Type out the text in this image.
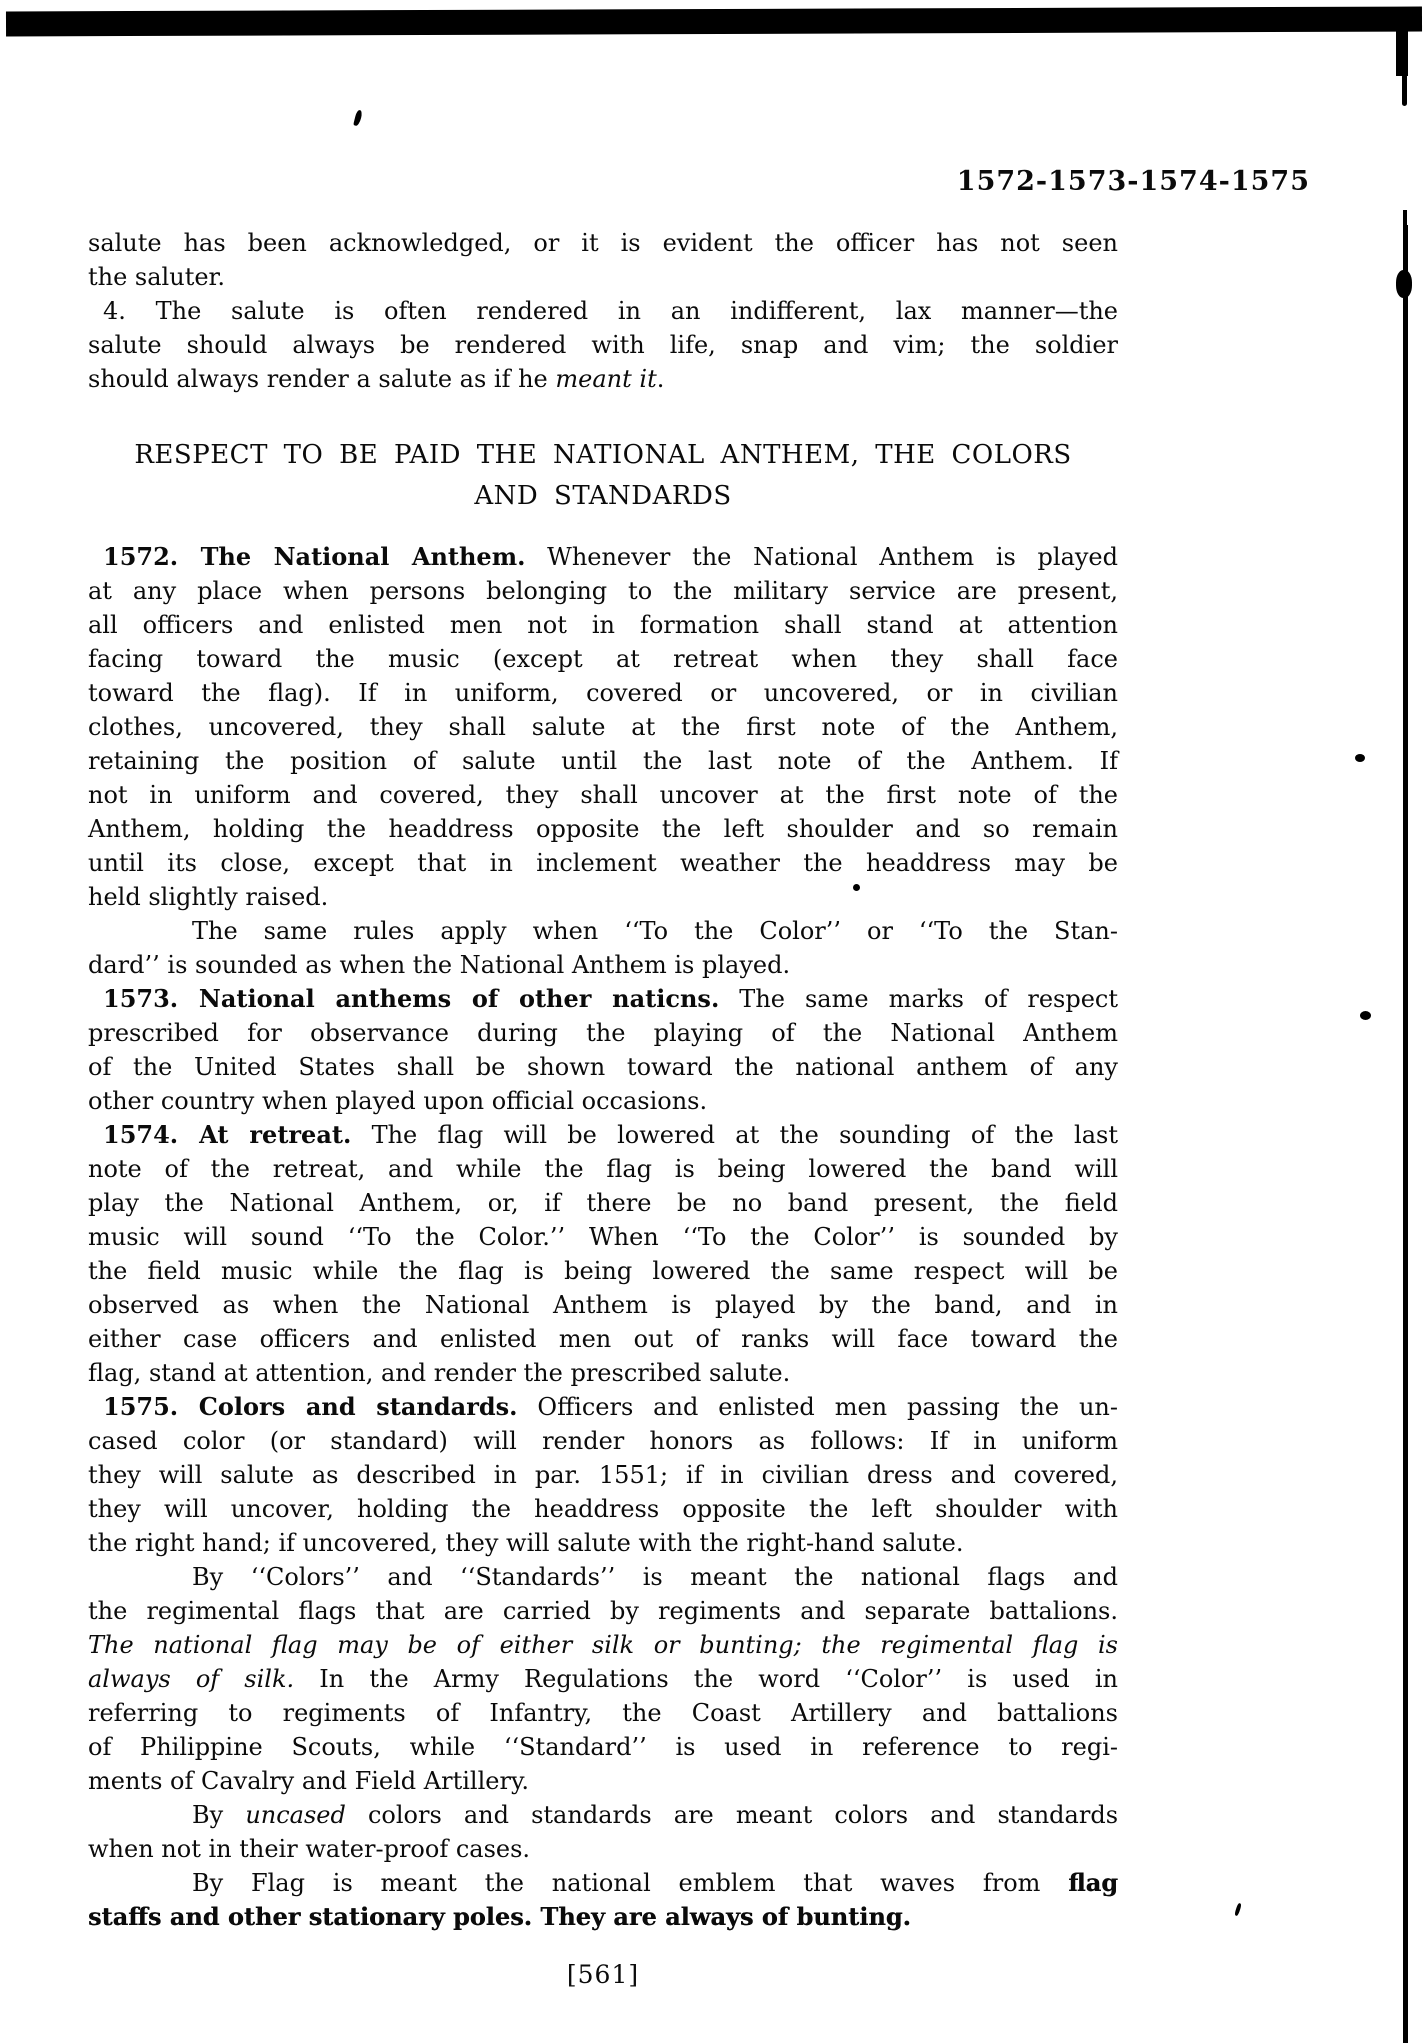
1572-1573-1574-1575
salute has been acknowledged, or it is evident the officer has not seen
the saluter.
4. The salute is often rendered in an indifferent, lax manner—the
salute should always be rendered with life, snap and vim; the soldier
should always render a salute as if he meant it.
RESPECT TO BE PAID THE NATIONAL ANTHEM, THE COLORS
AND STANDARDS
1572. The National Anthem. Whenever the National Anthem is played
at any place when persons belonging to the military service are present,
all officers and enlisted men not in formation shall stand at attention
facing toward the music (except at retreat when they shall face
toward the flag). If in uniform, covered or uncovered, or in civilian
clothes, uncovered, they shall salute at the first note of the Anthem,
retaining the position of salute until the last note of the Anthem. If
not in uniform and covered, they shall uncover at the first note of the
Anthem, holding the headdress opposite the left shoulder and so remain
until its close, except that in inclement weather the headdress may be
held slightly raised.
The same rules apply when ‘‘To the Color’’ or ‘‘To the Stan-
dard’’ is sounded as when the National Anthem is played.
1573. National anthems of other naticns. The same marks of respect
prescribed for observance during the playing of the National Anthem
of the United States shall be shown toward the national anthem of any
other country when played upon official occasions.
1574. At retreat. The flag will be lowered at the sounding of the last
note of the retreat, and while the flag is being lowered the band will
play the National Anthem, or, if there be no band present, the field
music will sound ‘‘To the Color.’’ When ‘‘To the Color’’ is sounded by
the field music while the flag is being lowered the same respect will be
observed as when the National Anthem is played by the band, and in
either case officers and enlisted men out of ranks will face toward the
flag, stand at attention, and render the prescribed salute.
1575. Colors and standards. Officers and enlisted men passing the un-
cased color (or standard) will render honors as follows: If in uniform
they will salute as described in par. 1551; if in civilian dress and covered,
they will uncover, holding the headdress opposite the left shoulder with
the right hand; if uncovered, they will salute with the right-hand salute.
By ‘‘Colors’’ and ‘‘Standards’’ is meant the national flags and
the regimental flags that are carried by regiments and separate battalions.
The national flag may be of either silk or bunting; the regimental flag is
always of silk. In the Army Regulations the word ‘‘Color’’ is used in
referring to regiments of Infantry, the Coast Artillery and battalions
of Philippine Scouts, while ‘‘Standard’’ is used in reference to regi-
ments of Cavalry and Field Artillery.
By uncased colors and standards are meant colors and standards
when not in their water-proof cases.
By Flag is meant the national emblem that waves from flag
staffs and other stationary poles. They are always of bunting.
[561]
